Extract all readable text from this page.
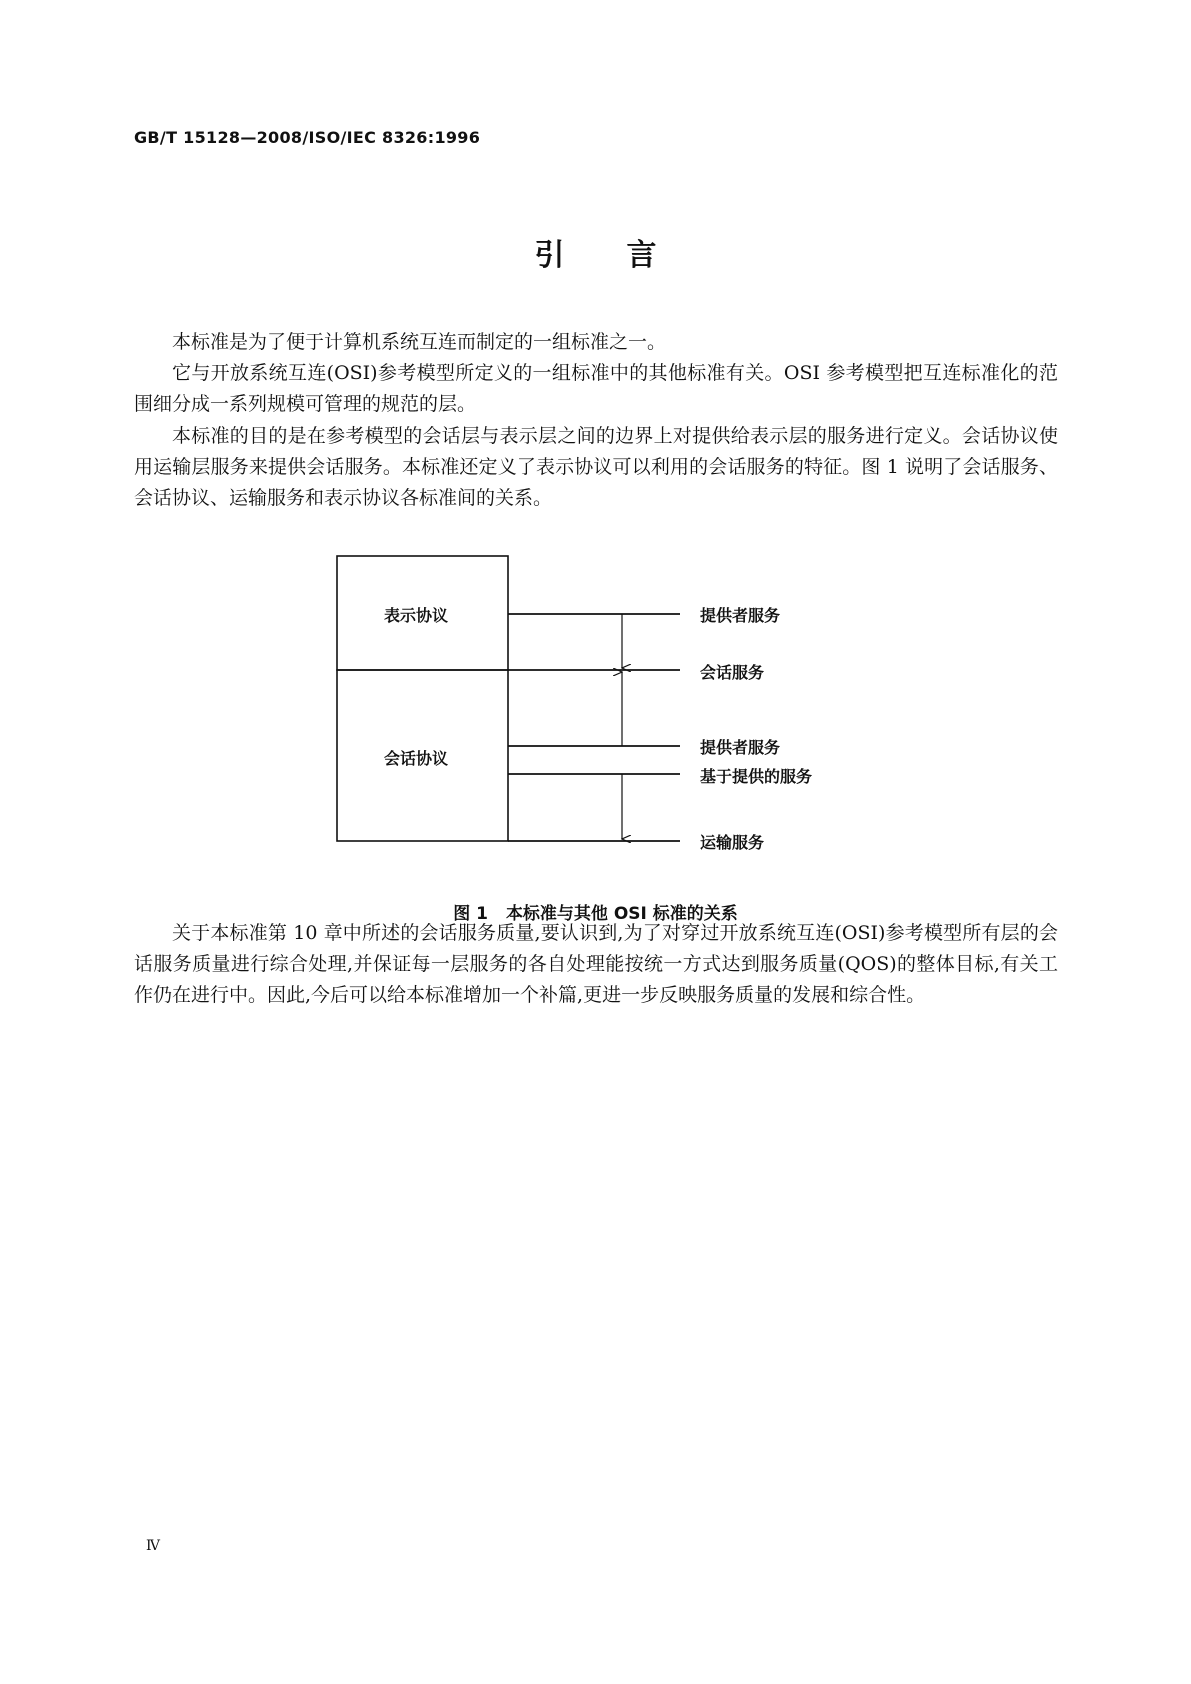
GB/T 15128—2008/ISO/IEC 8326:1996
引言

本标准是为了便于计算机系统互连而制定的一组标准之一。

它与开放系统互连(OSI)参考模型所定义的一组标准中的其他标准有关。OSI 参考模型把互连标准化的范围细分成一系列规模可管理的规范的层。

本标准的目的是在参考模型的会话层与表示层之间的边界上对提供给表示层的服务进行定义。会话协议使用运输层服务来提供会话服务。本标准还定义了表示协议可以利用的会话服务的特征。图 1 说明了会话服务、会话协议、运输服务和表示协议各标准间的关系。

表示协议
会话协议
提供者服务
会话服务
提供者服务
基于提供的服务
运输服务
图 1 本标准与其他 OSI 标准的关系

关于本标准第 10 章中所述的会话服务质量,要认识到,为了对穿过开放系统互连(OSI)参考模型所有层的会话服务质量进行综合处理,并保证每一层服务的各自处理能按统一方式达到服务质量(QOS)的整体目标,有关工作仍在进行中。因此,今后可以给本标准增加一个补篇,更进一步反映服务质量的发展和综合性。

Ⅳ
